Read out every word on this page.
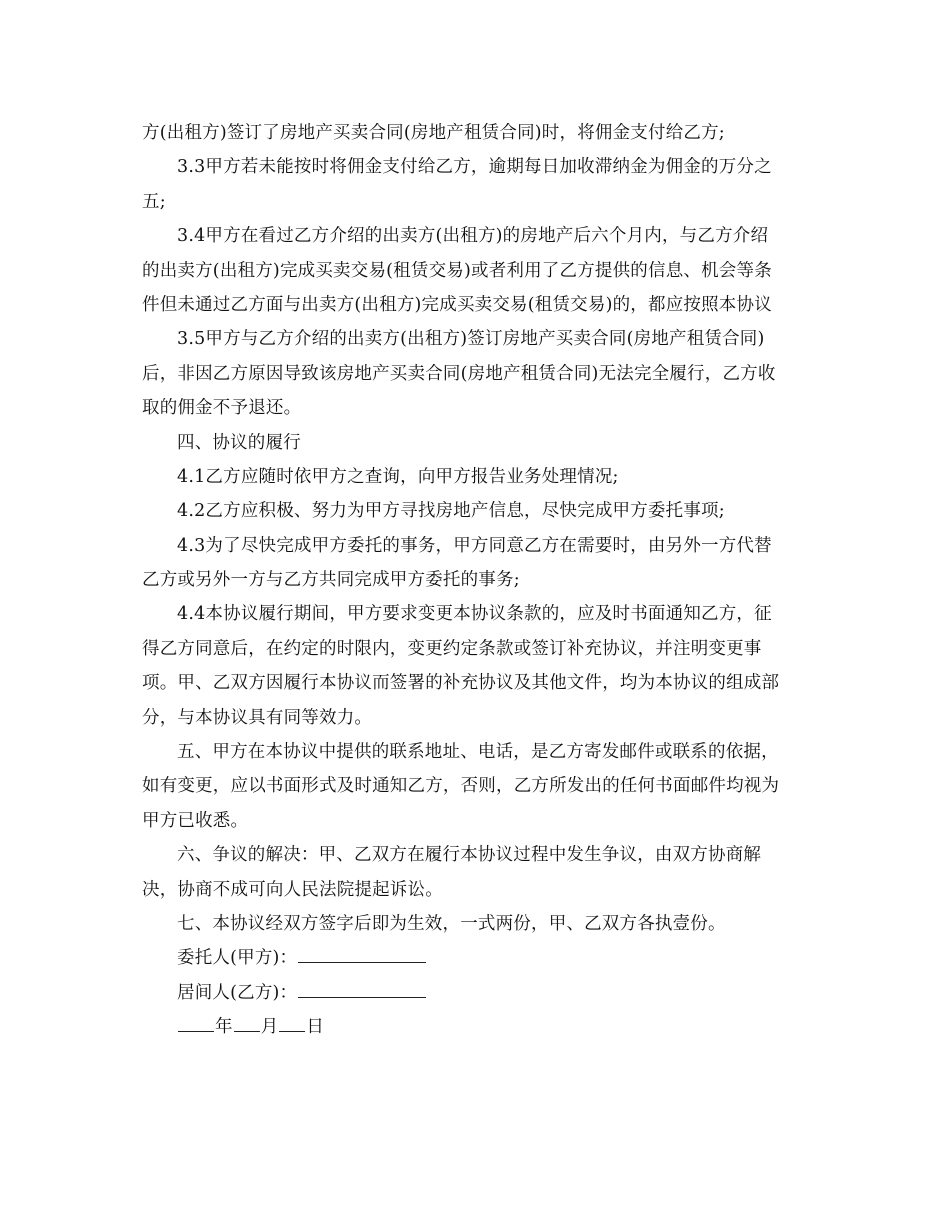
方(出租方)签订了房地产买卖合同(房地产租赁合同)时，将佣金支付给乙方;
3.3甲方若未能按时将佣金支付给乙方，逾期每日加收滞纳金为佣金的万分之
五;
3.4甲方在看过乙方介绍的出卖方(出租方)的房地产后六个月内，与乙方介绍
的出卖方(出租方)完成买卖交易(租赁交易)或者利用了乙方提供的信息、机会等条
件但未通过乙方面与出卖方(出租方)完成买卖交易(租赁交易)的，都应按照本协议
3.5甲方与乙方介绍的出卖方(出租方)签订房地产买卖合同(房地产租赁合同)
后，非因乙方原因导致该房地产买卖合同(房地产租赁合同)无法完全履行，乙方收
取的佣金不予退还。
四、协议的履行
4.1乙方应随时依甲方之查询，向甲方报告业务处理情况;
4.2乙方应积极、努力为甲方寻找房地产信息，尽快完成甲方委托事项;
4.3为了尽快完成甲方委托的事务，甲方同意乙方在需要时，由另外一方代替
乙方或另外一方与乙方共同完成甲方委托的事务;
4.4本协议履行期间，甲方要求变更本协议条款的，应及时书面通知乙方，征
得乙方同意后，在约定的时限内，变更约定条款或签订补充协议，并注明变更事
项。甲、乙双方因履行本协议而签署的补充协议及其他文件，均为本协议的组成部
分，与本协议具有同等效力。
五、甲方在本协议中提供的联系地址、电话，是乙方寄发邮件或联系的依据，
如有变更，应以书面形式及时通知乙方，否则，乙方所发出的任何书面邮件均视为
甲方已收悉。
六、争议的解决：甲、乙双方在履行本协议过程中发生争议，由双方协商解
决，协商不成可向人民法院提起诉讼。
七、本协议经双方签字后即为生效，一式两份，甲、乙双方各执壹份。
委托人(甲方)：
居间人(乙方)：
年 月 日
